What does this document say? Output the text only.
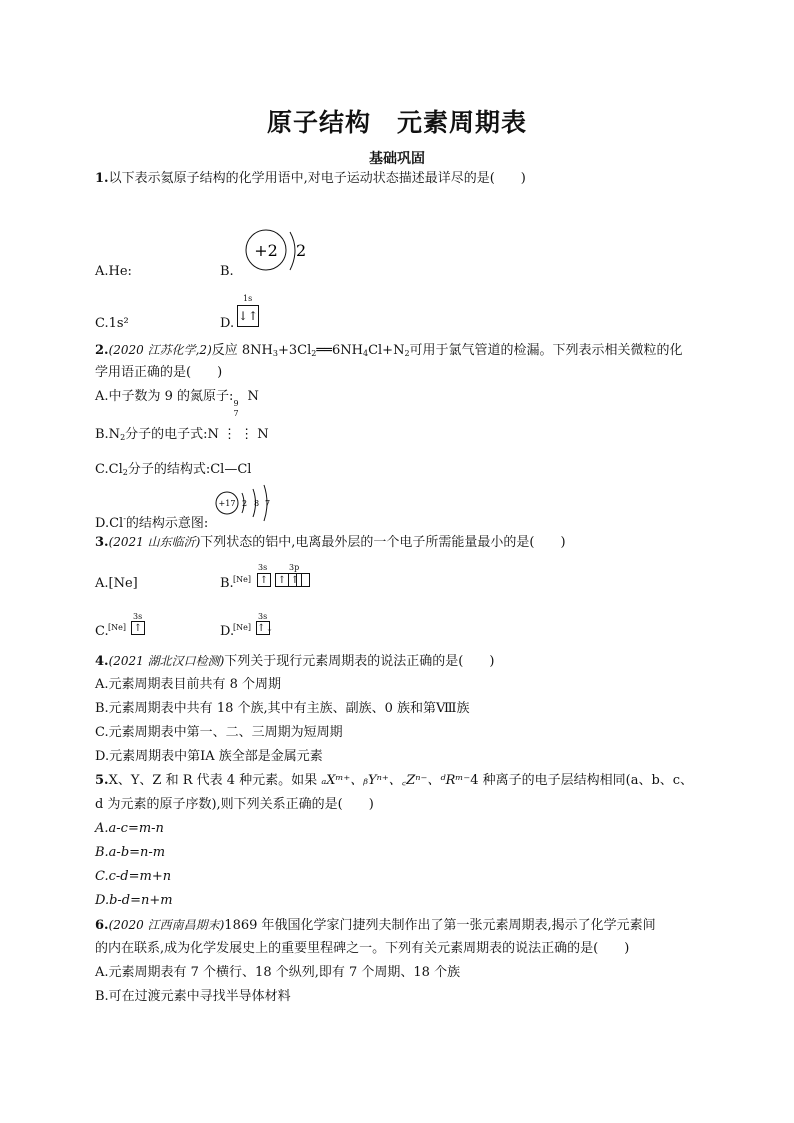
原子结构　元素周期表
基础巩固
1.以下表示氦原子结构的化学用语中,对电子运动状态描述最详尽的是(　　)
A.He:	B.
+2 2
C.1s²	D.
1s
↓↑
2.(2020 江苏化学,2)反应 $8NH_3+3Cl_2══6NH_4Cl+N_2$可用于氯气管道的检漏。下列表示相关微粒的化
学用语正确的是(　　)
A.中子数为 9 的氮原子: 9
7
N
$B.N_2$分子的电子式:N ⋮ ⋮ N
$C.Cl_2$分子的结构式:Cl—Cl
D.Cl-的结构示意图:
+17 2 8 7
3.(2021 山东临沂)下列状态的铝中,电离最外层的一个电子所需能量最小的是(　　)
A.[Ne]	B. [Ne]
3s
↑
3p
↑ ↑
C. [Ne]
3s
↑	D.
[Ne]
3s
↑↓
4.(2021 湖北汉口检测)下列关于现行元素周期表的说法正确的是(　　)
A.元素周期表目前共有 8 个周期
B.元素周期表中共有 18 个族,其中有主族、副族、0 族和第Ⅷ族
C.元素周期表中第一、二、三周期为短周期
D.元素周期表中第ⅠA 族全部是金属元素
5.X、Y、Z 和 R 代表 4 种元素。如果 ₐXᵐ⁺、ᵦYⁿ⁺、꜀Zⁿ⁻、ᵈRᵐ⁻4 种离子的电子层结构相同(a、b、c、
d 为元素的原子序数),则下列关系正确的是(　　)
A.a-c=m-n
B.a-b=n-m
C.c-d=m+n
D.b-d=n+m
6.(2020 江西南昌期末)1869 年俄国化学家门捷列夫制作出了第一张元素周期表,揭示了化学元素间
的内在联系,成为化学发展史上的重要里程碑之一。下列有关元素周期表的说法正确的是(　　)
A.元素周期表有 7 个横行、18 个纵列,即有 7 个周期、18 个族
B.可在过渡元素中寻找半导体材料
